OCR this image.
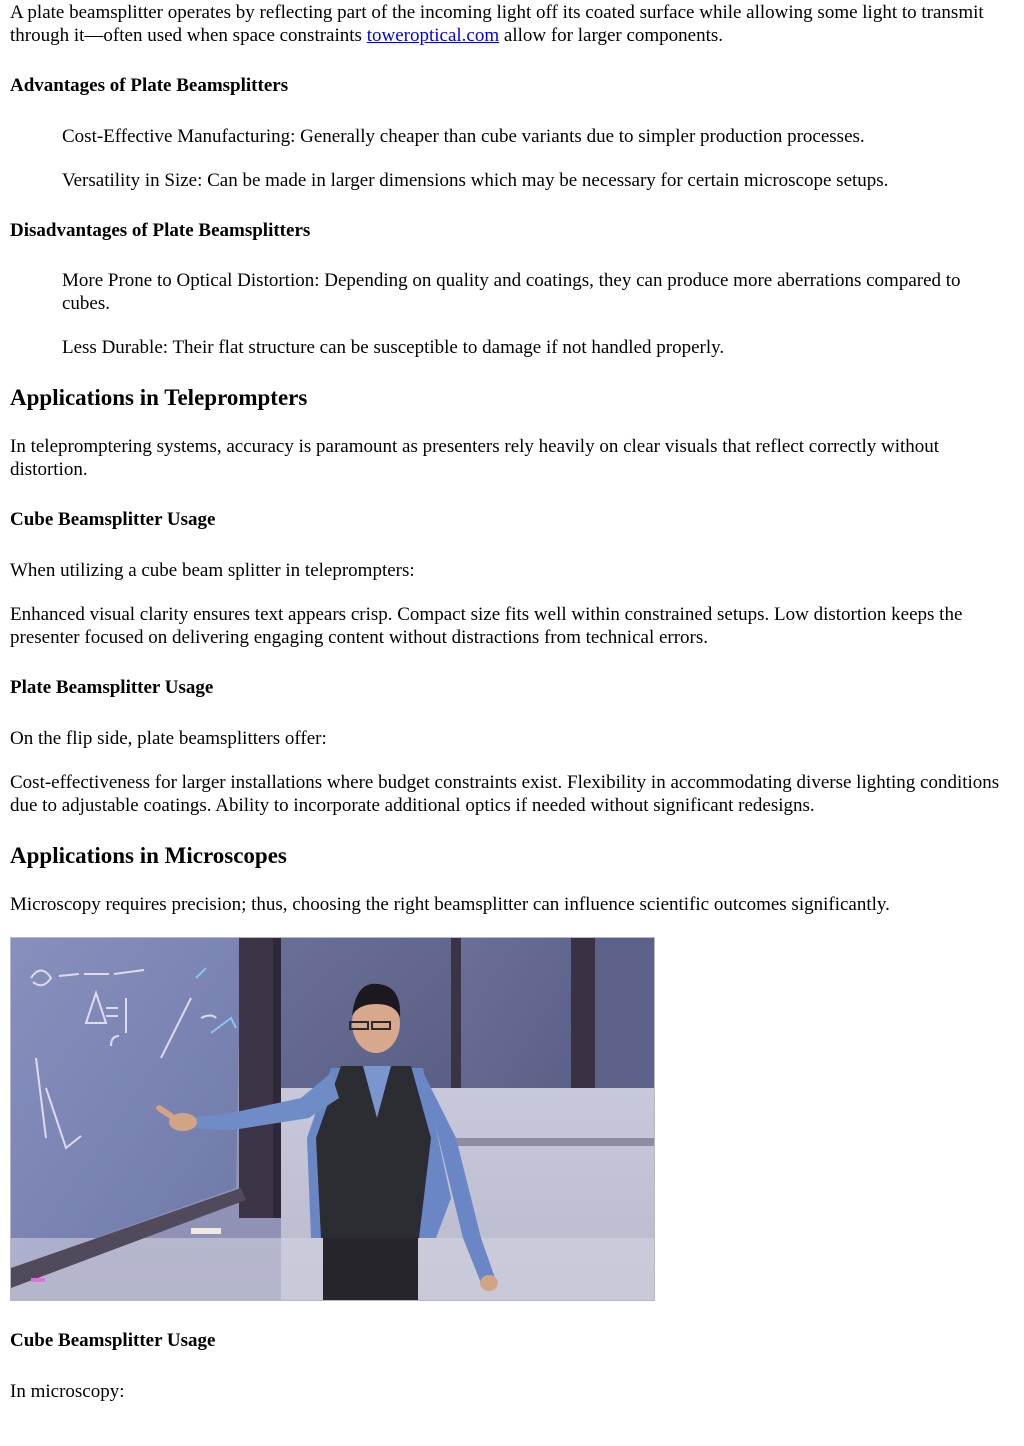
A plate beamsplitter operates by reflecting part of the incoming light off its coated surface while allowing some light to transmit through it—often used when space constraints toweroptical.com allow for larger components.

Advantages of Plate Beamsplitters

Cost-Effective Manufacturing: Generally cheaper than cube variants due to simpler production processes.

Versatility in Size: Can be made in larger dimensions which may be necessary for certain microscope setups.

Disadvantages of Plate Beamsplitters

More Prone to Optical Distortion: Depending on quality and coatings, they can produce more aberrations compared to cubes.

Less Durable: Their flat structure can be susceptible to damage if not handled properly.

Applications in Teleprompters

In telepromptering systems, accuracy is paramount as presenters rely heavily on clear visuals that reflect correctly without distortion.

Cube Beamsplitter Usage

When utilizing a cube beam splitter in teleprompters:

Enhanced visual clarity ensures text appears crisp. Compact size fits well within constrained setups. Low distortion keeps the presenter focused on delivering engaging content without distractions from technical errors.

Plate Beamsplitter Usage

On the flip side, plate beamsplitters offer:

Cost-effectiveness for larger installations where budget constraints exist. Flexibility in accommodating diverse lighting conditions due to adjustable coatings. Ability to incorporate additional optics if needed without significant redesigns.

Applications in Microscopes

Microscopy requires precision; thus, choosing the right beamsplitter can influence scientific outcomes significantly.

Cube Beamsplitter Usage

In microscopy:
